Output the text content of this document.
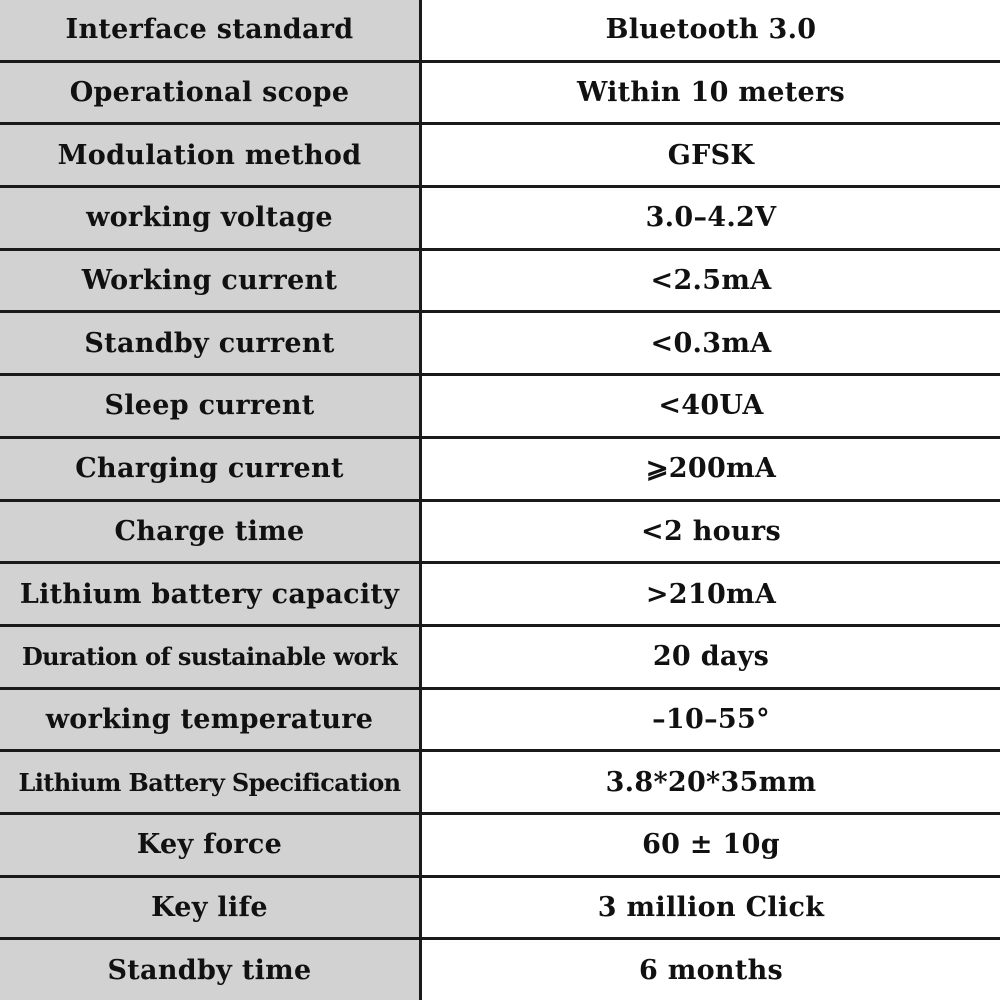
Interface standard	Bluetooth 3.0
Operational scope	Within 10 meters
Modulation method	GFSK
working voltage	3.0–4.2V
Working current	<2.5mA
Standby current	<0.3mA
Sleep current	<40UA
Charging current	⩾200mA
Charge time	<2 hours
Lithium battery capacity	>210mA
Duration of sustainable work	20 days
working temperature	–10–55°
Lithium Battery Specification	3.8*20*35mm
Key force	60 ± 10g
Key life	3 million Click
Standby time	6 months
